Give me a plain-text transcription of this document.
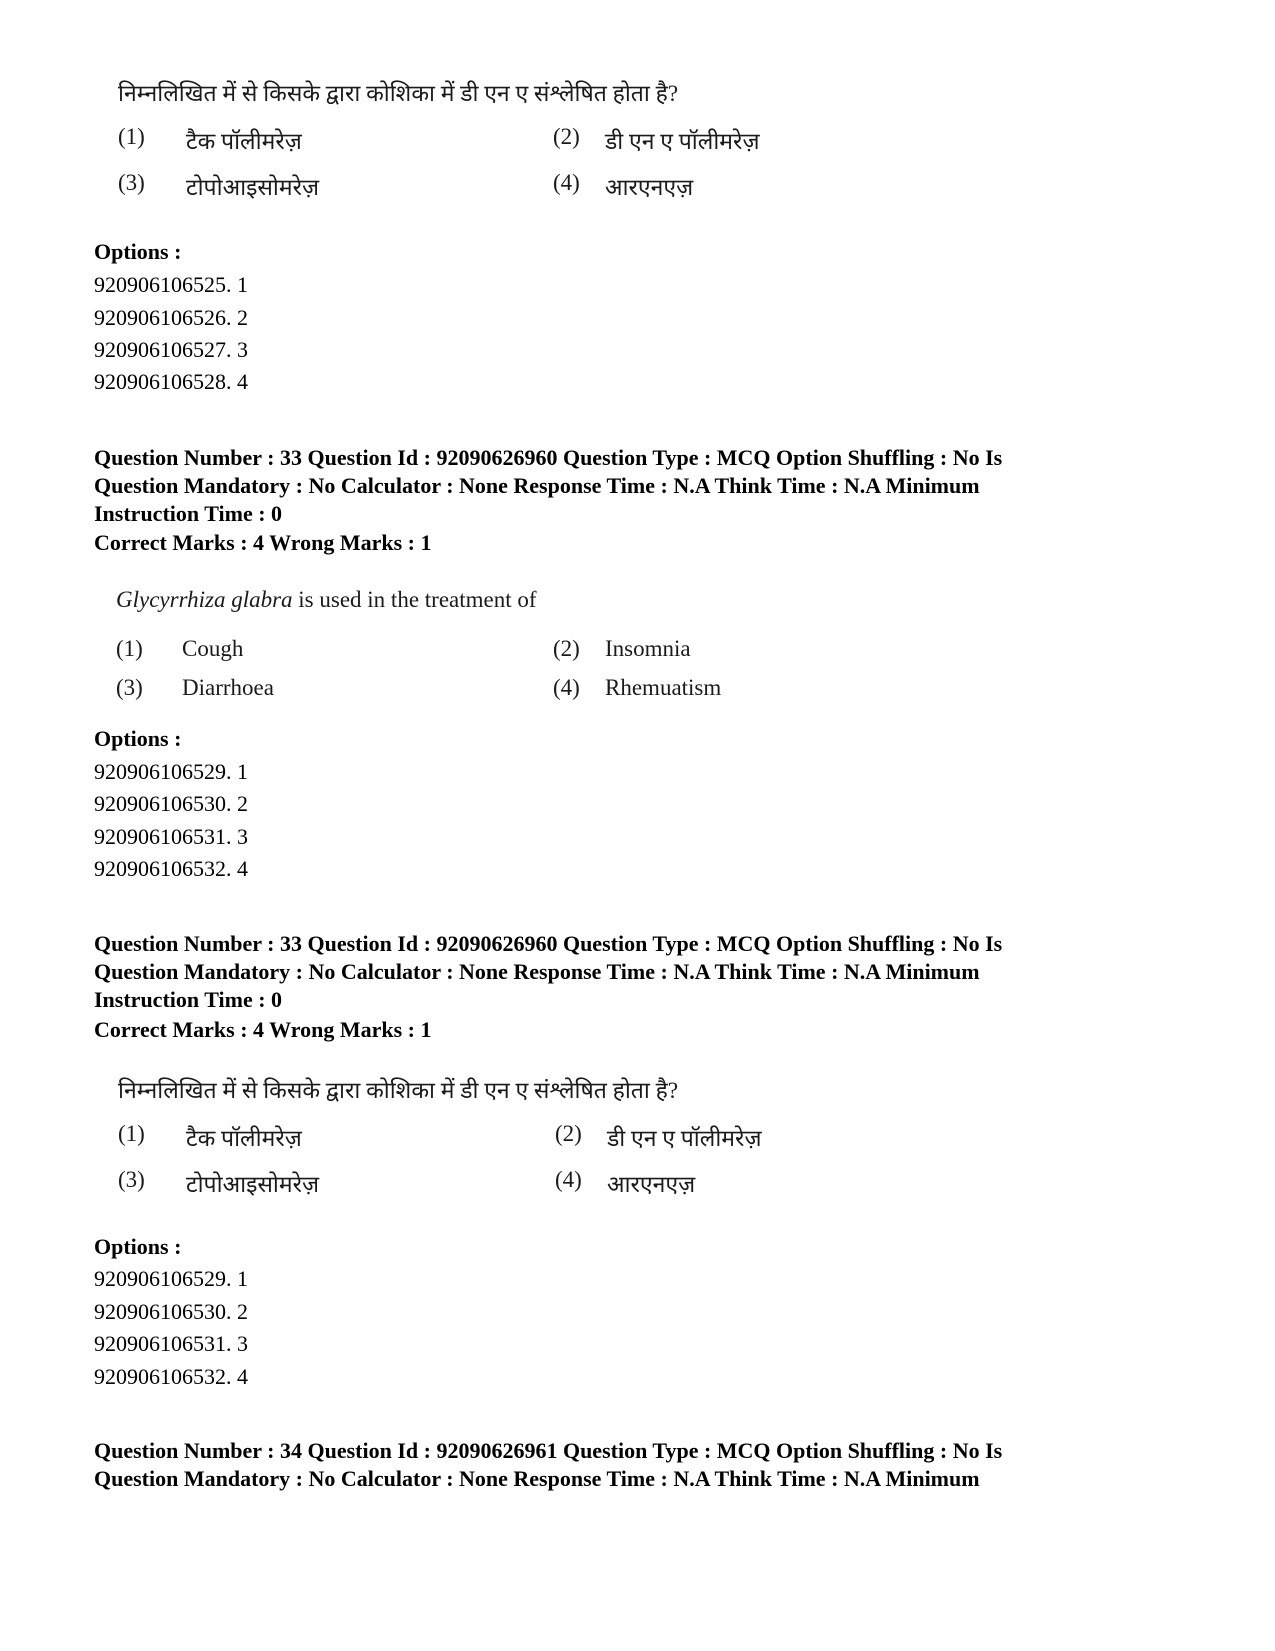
निम्नलिखित में से किसके द्वारा कोशिका में डी एन ए संश्लेषित होता है?
(1) टैक पॉलीमरेज़	(2) डी एन ए पॉलीमरेज़
(3) टोपोआइसोमरेज़	(4) आरएनएज़
Options :
920906106525. 1
920906106526. 2
920906106527. 3
920906106528. 4
Question Number : 33 Question Id : 92090626960 Question Type : MCQ Option Shuffling : No Is
Question Mandatory : No Calculator : None Response Time : N.A Think Time : N.A Minimum
Instruction Time : 0
Correct Marks : 4 Wrong Marks : 1
Glycyrrhiza glabra is used in the treatment of
(1) Cough	(2) Insomnia
(3) Diarrhoea	(4) Rhemuatism
Options :
920906106529. 1
920906106530. 2
920906106531. 3
920906106532. 4
Question Number : 33 Question Id : 92090626960 Question Type : MCQ Option Shuffling : No Is
Question Mandatory : No Calculator : None Response Time : N.A Think Time : N.A Minimum
Instruction Time : 0
Correct Marks : 4 Wrong Marks : 1
निम्नलिखित में से किसके द्वारा कोशिका में डी एन ए संश्लेषित होता है?
(1) टैक पॉलीमरेज़	(2) डी एन ए पॉलीमरेज़
(3) टोपोआइसोमरेज़	(4) आरएनएज़
Options :
920906106529. 1
920906106530. 2
920906106531. 3
920906106532. 4
Question Number : 34 Question Id : 92090626961 Question Type : MCQ Option Shuffling : No Is
Question Mandatory : No Calculator : None Response Time : N.A Think Time : N.A Minimum
